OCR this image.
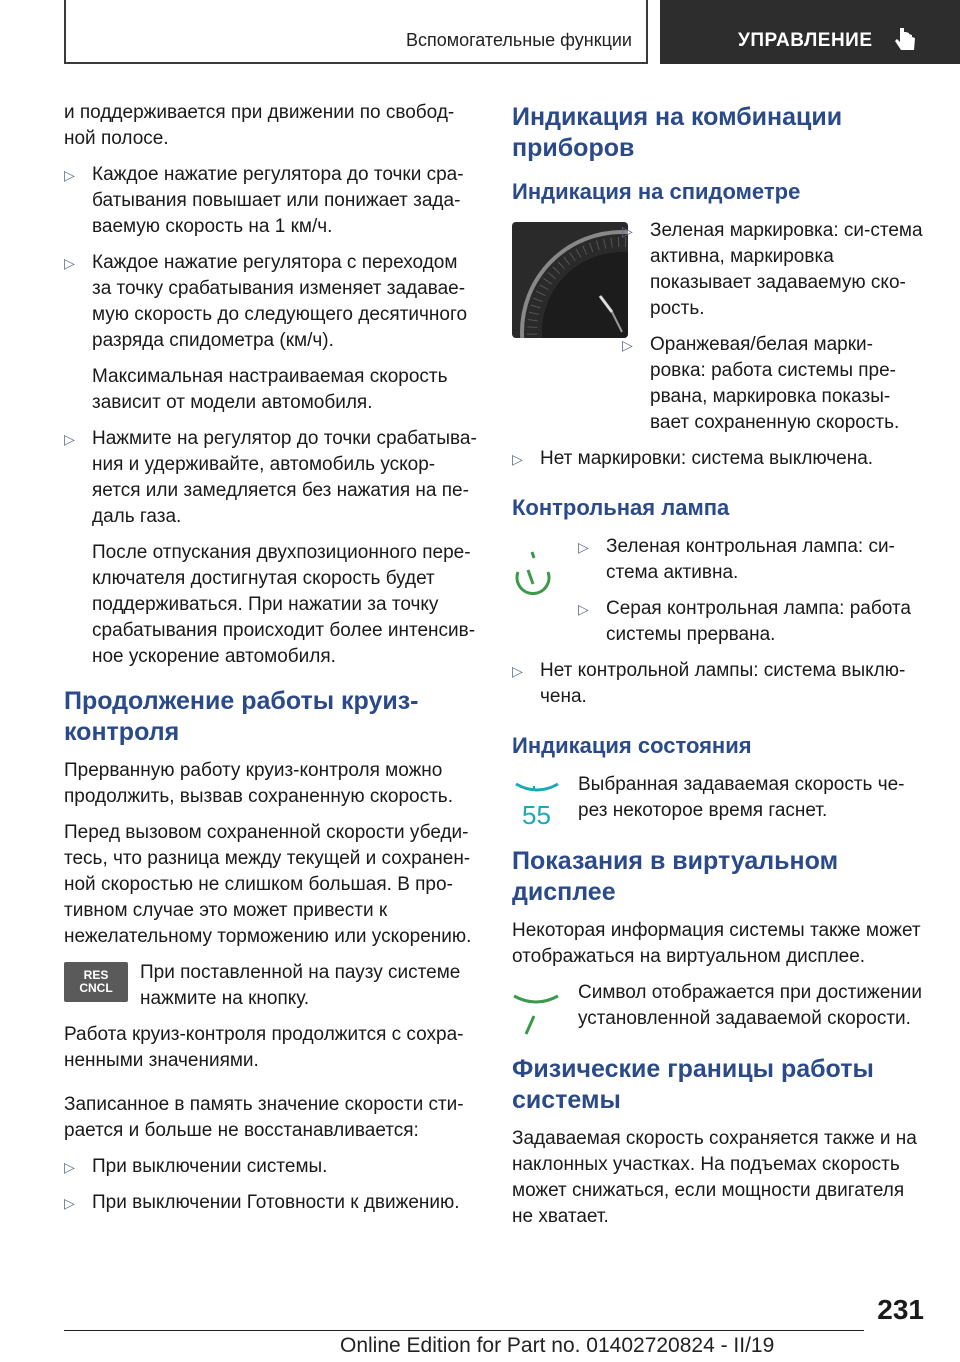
Вспомогательные функции	УПРАВЛЕНИЕ

и поддерживается при движении по свобод-ной полосе.

▷ Каждое нажатие регулятора до точки сра-батывания повышает или понижает зада-ваемую скорость на 1 км/ч.
▷ Каждое нажатие регулятора с переходом за точку срабатывания изменяет задавае-мую скорость до следующего десятичного разряда спидометра (км/ч).
Максимальная настраиваемая скорость зависит от модели автомобиля.
▷ Нажмите на регулятор до точки срабатыва-ния и удерживайте, автомобиль ускор-яется или замедляется без нажатия на пе-даль газа.
После отпускания двухпозиционного пере-ключателя достигнутая скорость будет поддерживаться. При нажатии за точку срабатывания происходит более интенсив-ное ускорение автомобиля.
Продолжение работы круиз-контроля

Прерванную работу круиз-контроля можно продолжить, вызвав сохраненную скорость.

Перед вызовом сохраненной скорости убеди-тесь, что разница между текущей и сохранен-ной скоростью не слишком большая. В про-тивном случае это может привести к нежелательному торможению или ускорению.

RES
CNCL
При поставленной на паузу системе нажмите на кнопку.

Работа круиз-контроля продолжится с сохра-ненными значениями.

Записанное в память значение скорости сти-рается и больше не восстанавливается:

▷ При выключении системы.
▷ При выключении Готовности к движению.
Индикация на комбинации приборов
Индикация на спидометре
▷ Зеленая маркировка: си-стема активна, маркировка показывает задаваемую ско-рость.
▷ Оранжевая/белая марки-ровка: работа системы пре-рвана, маркировка показы-вает сохраненную скорость.
▷ Нет маркировки: система выключена.
Контрольная лампа
▷ Зеленая контрольная лампа: си-стема активна.
▷ Серая контрольная лампа: работа системы прервана.
▷ Нет контрольной лампы: система выклю-чена.
Индикация состояния
55
Выбранная задаваемая скорость че-рез некоторое время гаснет.
Показания в виртуальном дисплее

Некоторая информация системы также может отображаться на виртуальном дисплее.

Символ отображается при достижении установленной задаваемой скорости.
Физические границы работы системы

Задаваемая скорость сохраняется также и на наклонных участках. На подъемах скорость может снижаться, если мощности двигателя не хватает.

231
Online Edition for Part no. 01402720824 - II/19
